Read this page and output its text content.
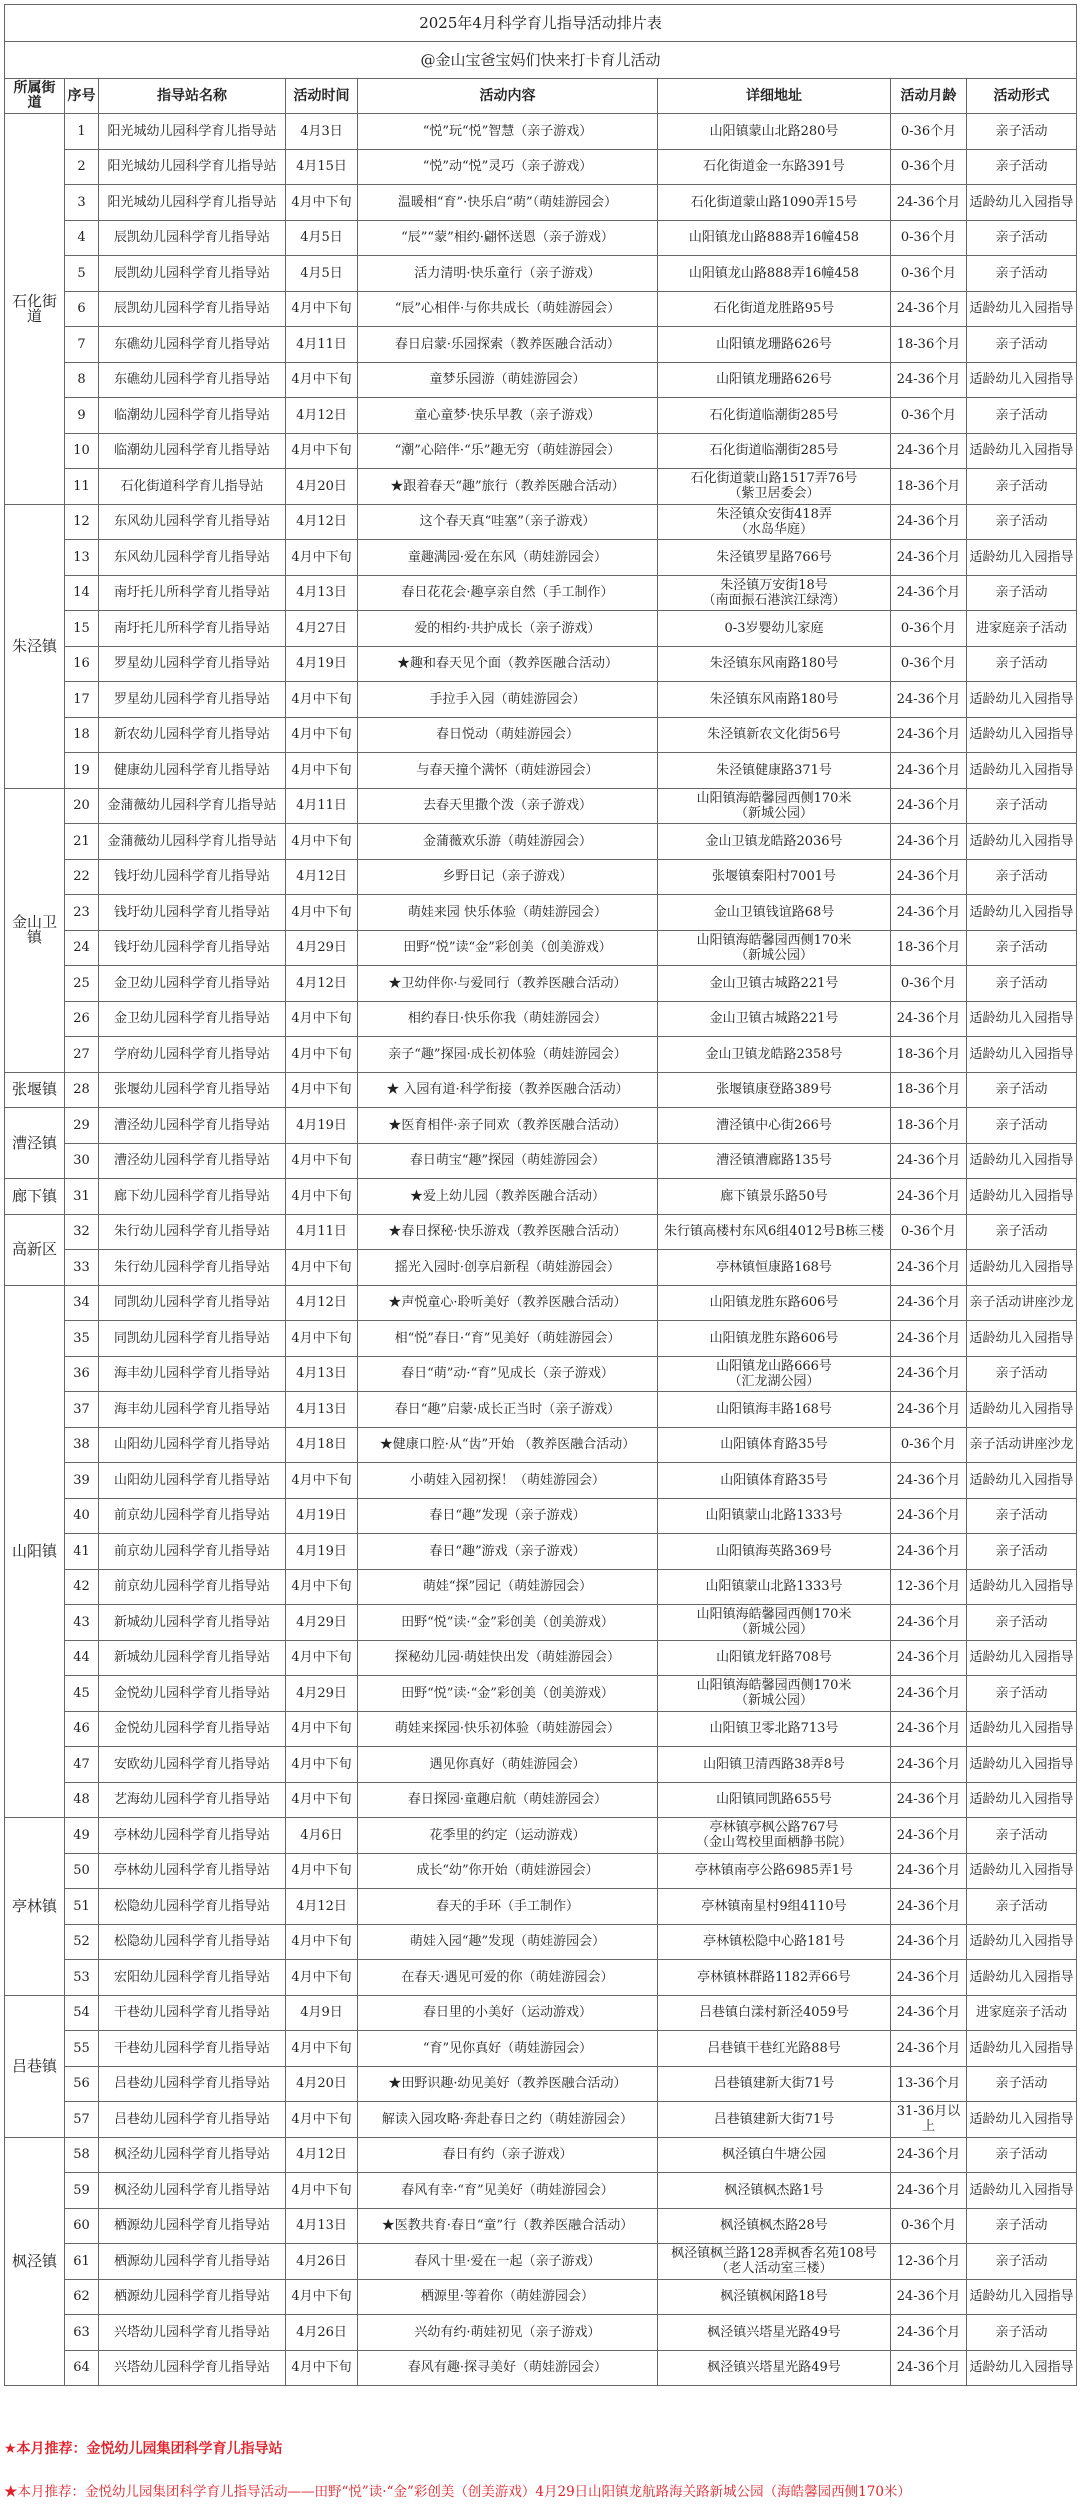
2025年4月科学育儿指导活动排片表							
@金山宝爸宝妈们快来打卡育儿活动							
所属街道	序号	指导站名称	活动时间	活动内容	详细地址	活动月龄	活动形式
石化街道	1	阳光城幼儿园科学育儿指导站	4月3日	“悦”玩“悦”智慧（亲子游戏）	山阳镇蒙山北路280号	0-36个月	亲子活动

	2	阳光城幼儿园科学育儿指导站	4月15日	“悦”动“悦”灵巧（亲子游戏）	石化街道金一东路391号	0-36个月	亲子活动

	3	阳光城幼儿园科学育儿指导站	4月中下旬	温暖相“育”·快乐启“萌”（萌娃游园会）	石化街道蒙山路1090弄15号	24-36个月	适龄幼儿入园指导

	4	辰凯幼儿园科学育儿指导站	4月5日	“辰”“蒙”相约·翩怀送恩（亲子游戏）	山阳镇龙山路888弄16幢458	0-36个月	亲子活动

	5	辰凯幼儿园科学育儿指导站	4月5日	活力清明·快乐童行（亲子游戏）	山阳镇龙山路888弄16幢458	0-36个月	亲子活动

	6	辰凯幼儿园科学育儿指导站	4月中下旬	“辰”心相伴·与你共成长（萌娃游园会）	石化街道龙胜路95号	24-36个月	适龄幼儿入园指导

	7	东礁幼儿园科学育儿指导站	4月11日	春日启蒙·乐园探索（教养医融合活动）	山阳镇龙珊路626号	18-36个月	亲子活动

	8	东礁幼儿园科学育儿指导站	4月中下旬	童梦乐园游（萌娃游园会）	山阳镇龙珊路626号	24-36个月	适龄幼儿入园指导

	9	临潮幼儿园科学育儿指导站	4月12日	童心童梦·快乐早教（亲子游戏）	石化街道临潮街285号	0-36个月	亲子活动

	10	临潮幼儿园科学育儿指导站	4月中下旬	“潮”心陪伴·“乐”趣无穷（萌娃游园会）	石化街道临潮街285号	24-36个月	适龄幼儿入园指导

	11	石化街道科学育儿指导站	4月20日	★跟着春天“趣”旅行（教养医融合活动）	石化街道蒙山路1517弄76号
（紫卫居委会）	18-36个月	亲子活动

朱泾镇	12	东风幼儿园科学育儿指导站	4月12日	这个春天真“哇塞”（亲子游戏）	朱泾镇众安街418弄
（水岛华庭）	24-36个月	亲子活动

	13	东风幼儿园科学育儿指导站	4月中下旬	童趣满园·爱在东风（萌娃游园会）	朱泾镇罗星路766号	24-36个月	适龄幼儿入园指导

	14	南圩托儿所科学育儿指导站	4月13日	春日花花会·趣享亲自然（手工制作）	朱泾镇万安街18号
（南面振石港滨江绿湾）	24-36个月	亲子活动

	15	南圩托儿所科学育儿指导站	4月27日	爱的相约·共护成长（亲子游戏）	0-3岁婴幼儿家庭	0-36个月	进家庭亲子活动

	16	罗星幼儿园科学育儿指导站	4月19日	★趣和春天见个面（教养医融合活动）	朱泾镇东风南路180号	0-36个月	亲子活动

	17	罗星幼儿园科学育儿指导站	4月中下旬	手拉手入园（萌娃游园会）	朱泾镇东风南路180号	24-36个月	适龄幼儿入园指导

	18	新农幼儿园科学育儿指导站	4月中下旬	春日悦动（萌娃游园会）	朱泾镇新农文化街56号	24-36个月	适龄幼儿入园指导

	19	健康幼儿园科学育儿指导站	4月中下旬	与春天撞个满怀（萌娃游园会）	朱泾镇健康路371号	24-36个月	适龄幼儿入园指导

金山卫镇	20	金蒲薇幼儿园科学育儿指导站	4月11日	去春天里撒个泼（亲子游戏）	山阳镇海皓馨园西侧170米
（新城公园）	24-36个月	亲子活动

	21	金蒲薇幼儿园科学育儿指导站	4月中下旬	金蒲薇欢乐游（萌娃游园会）	金山卫镇龙皓路2036号	24-36个月	适龄幼儿入园指导

	22	钱圩幼儿园科学育儿指导站	4月12日	乡野日记（亲子游戏）	张堰镇秦阳村7001号	24-36个月	亲子活动

	23	钱圩幼儿园科学育儿指导站	4月中下旬	萌娃来园 快乐体验（萌娃游园会）	金山卫镇钱谊路68号	24-36个月	适龄幼儿入园指导

	24	钱圩幼儿园科学育儿指导站	4月29日	田野“悦”读“金”彩创美（创美游戏）	山阳镇海皓馨园西侧170米
（新城公园）	18-36个月	亲子活动

	25	金卫幼儿园科学育儿指导站	4月12日	★卫幼伴你·与爱同行（教养医融合活动）	金山卫镇古城路221号	0-36个月	亲子活动

	26	金卫幼儿园科学育儿指导站	4月中下旬	相约春日·快乐你我（萌娃游园会）	金山卫镇古城路221号	24-36个月	适龄幼儿入园指导

	27	学府幼儿园科学育儿指导站	4月中下旬	亲子“趣”探园·成长初体验（萌娃游园会）	金山卫镇龙皓路2358号	18-36个月	适龄幼儿入园指导

张堰镇	28	张堰幼儿园科学育儿指导站	4月中下旬	★ 入园有道·科学衔接（教养医融合活动）	张堰镇康登路389号	18-36个月	亲子活动

漕泾镇	29	漕泾幼儿园科学育儿指导站	4月19日	★医育相伴·亲子同欢（教养医融合活动）	漕泾镇中心街266号	18-36个月	亲子活动

	30	漕泾幼儿园科学育儿指导站	4月中下旬	春日萌宝“趣”探园（萌娃游园会）	漕泾镇漕廊路135号	24-36个月	适龄幼儿入园指导

廊下镇	31	廊下幼儿园科学育儿指导站	4月中下旬	★爱上幼儿园（教养医融合活动）	廊下镇景乐路50号	24-36个月	适龄幼儿入园指导

高新区	32	朱行幼儿园科学育儿指导站	4月11日	★春日探秘·快乐游戏（教养医融合活动）	朱行镇高楼村东风6组4012号B栋三楼	0-36个月	亲子活动

	33	朱行幼儿园科学育儿指导站	4月中下旬	摇光入园时·创享启新程（萌娃游园会）	亭林镇恒康路168号	24-36个月	适龄幼儿入园指导

山阳镇	34	同凯幼儿园科学育儿指导站	4月12日	★声悦童心·聆听美好（教养医融合活动）	山阳镇龙胜东路606号	24-36个月	亲子活动讲座沙龙

	35	同凯幼儿园科学育儿指导站	4月中下旬	相“悦”春日·“育”见美好（萌娃游园会）	山阳镇龙胜东路606号	24-36个月	适龄幼儿入园指导

	36	海丰幼儿园科学育儿指导站	4月13日	春日“萌”动·“育”见成长（亲子游戏）	山阳镇龙山路666号
（汇龙湖公园）	24-36个月	亲子活动

	37	海丰幼儿园科学育儿指导站	4月13日	春日“趣”启蒙·成长正当时（亲子游戏）	山阳镇海丰路168号	24-36个月	适龄幼儿入园指导

	38	山阳幼儿园科学育儿指导站	4月18日	★健康口腔·从“齿”开始 （教养医融合活动）	山阳镇体育路35号	0-36个月	亲子活动讲座沙龙

	39	山阳幼儿园科学育儿指导站	4月中下旬	小萌娃入园初探！（萌娃游园会）	山阳镇体育路35号	24-36个月	适龄幼儿入园指导

	40	前京幼儿园科学育儿指导站	4月19日	春日“趣”发现（亲子游戏）	山阳镇蒙山北路1333号	24-36个月	亲子活动

	41	前京幼儿园科学育儿指导站	4月19日	春日“趣”游戏（亲子游戏）	山阳镇海英路369号	24-36个月	亲子活动

	42	前京幼儿园科学育儿指导站	4月中下旬	萌娃“探”园记（萌娃游园会）	山阳镇蒙山北路1333号	12-36个月	适龄幼儿入园指导

	43	新城幼儿园科学育儿指导站	4月29日	田野“悦”读·“金”彩创美（创美游戏）	山阳镇海皓馨园西侧170米
（新城公园）	24-36个月	亲子活动

	44	新城幼儿园科学育儿指导站	4月中下旬	探秘幼儿园·萌娃快出发（萌娃游园会）	山阳镇龙轩路708号	24-36个月	适龄幼儿入园指导

	45	金悦幼儿园科学育儿指导站	4月29日	田野“悦”读·“金”彩创美（创美游戏）	山阳镇海皓馨园西侧170米
（新城公园）	24-36个月	亲子活动

	46	金悦幼儿园科学育儿指导站	4月中下旬	萌娃来探园·快乐初体验（萌娃游园会）	山阳镇卫零北路713号	24-36个月	适龄幼儿入园指导

	47	安欧幼儿园科学育儿指导站	4月中下旬	遇见你真好（萌娃游园会）	山阳镇卫清西路38弄8号	24-36个月	适龄幼儿入园指导

	48	艺海幼儿园科学育儿指导站	4月中下旬	春日探园·童趣启航（萌娃游园会）	山阳镇同凯路655号	24-36个月	适龄幼儿入园指导

亭林镇	49	亭林幼儿园科学育儿指导站	4月6日	花季里的约定（运动游戏）	亭林镇亭枫公路767号
（金山驾校里面栖静书院）	24-36个月	亲子活动

	50	亭林幼儿园科学育儿指导站	4月中下旬	成长“幼”你开始（萌娃游园会）	亭林镇南亭公路6985弄1号	24-36个月	适龄幼儿入园指导

	51	松隐幼儿园科学育儿指导站	4月12日	春天的手环（手工制作）	亭林镇南星村9组4110号	24-36个月	亲子活动

	52	松隐幼儿园科学育儿指导站	4月中下旬	萌娃入园“趣”发现（萌娃游园会）	亭林镇松隐中心路181号	24-36个月	适龄幼儿入园指导

	53	宏阳幼儿园科学育儿指导站	4月中下旬	在春天·遇见可爱的你（萌娃游园会）	亭林镇林群路1182弄66号	24-36个月	适龄幼儿入园指导

吕巷镇	54	干巷幼儿园科学育儿指导站	4月9日	春日里的小美好（运动游戏）	吕巷镇白漾村新泾4059号	24-36个月	进家庭亲子活动

	55	干巷幼儿园科学育儿指导站	4月中下旬	“育”见你真好（萌娃游园会）	吕巷镇干巷红光路88号	24-36个月	适龄幼儿入园指导

	56	吕巷幼儿园科学育儿指导站	4月20日	★田野识趣·幼见美好（教养医融合活动）	吕巷镇建新大街71号	13-36个月	亲子活动

	57	吕巷幼儿园科学育儿指导站	4月中下旬	解读入园攻略·奔赴春日之约（萌娃游园会）	吕巷镇建新大街71号	31-36月以上	适龄幼儿入园指导

枫泾镇	58	枫泾幼儿园科学育儿指导站	4月12日	春日有约（亲子游戏）	枫泾镇白牛塘公园	24-36个月	亲子活动

	59	枫泾幼儿园科学育儿指导站	4月中下旬	春风有幸·“育”见美好（萌娃游园会）	枫泾镇枫杰路1号	24-36个月	适龄幼儿入园指导

	60	栖源幼儿园科学育儿指导站	4月13日	★医教共育·春日“童”行（教养医融合活动）	枫泾镇枫杰路28号	0-36个月	亲子活动

	61	栖源幼儿园科学育儿指导站	4月26日	春风十里·爱在一起（亲子游戏）	枫泾镇枫兰路128弄枫香名苑108号
（老人活动室三楼）	12-36个月	亲子活动

	62	栖源幼儿园科学育儿指导站	4月中下旬	栖源里·等着你（萌娃游园会）	枫泾镇枫闲路18号	24-36个月	适龄幼儿入园指导

	63	兴塔幼儿园科学育儿指导站	4月26日	兴幼有约·萌娃初见（亲子游戏）	枫泾镇兴塔星光路49号	24-36个月	亲子活动

	64	兴塔幼儿园科学育儿指导站	4月中下旬	春风有趣·探寻美好（萌娃游园会）	枫泾镇兴塔星光路49号	24-36个月	适龄幼儿入园指导
★本月推荐：金悦幼儿园集团科学育儿指导站
★本月推荐：金悦幼儿园集团科学育儿指导活动——田野“悦”读·“金”彩创美（创美游戏）4月29日山阳镇龙航路海关路新城公园（海皓馨园西侧170米）
